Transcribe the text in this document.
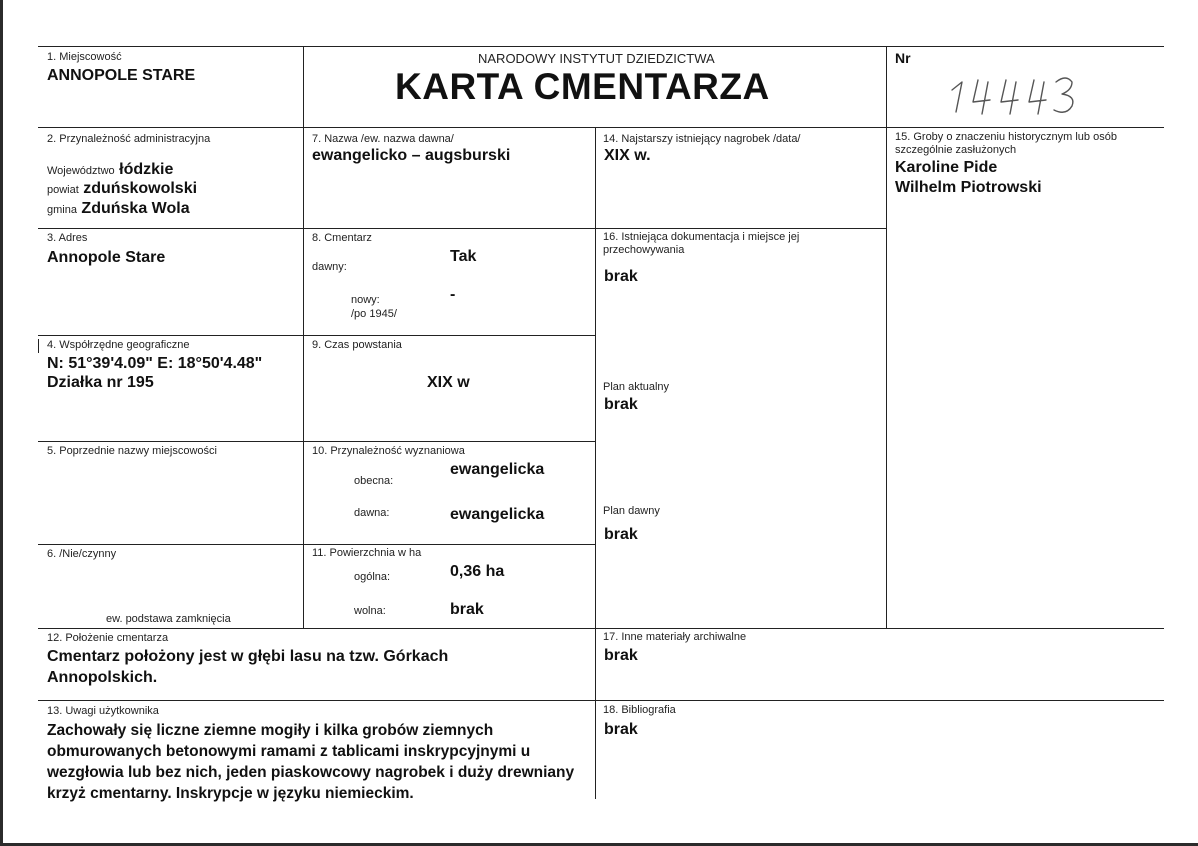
1. Miejscowość
ANNOPOLE STARE
NARODOWY INSTYTUT DZIEDZICTWA
KARTA CMENTARZA
Nr
2. Przynależność administracyjna
Województwo łódzkie
powiat zduńskowolski
gmina Zduńska Wola
3. Adres
Annopole Stare
4. Współrzędne geograficzne
N: 51°39'4.09" E: 18°50'4.48"
Działka nr 195
5. Poprzednie nazwy miejscowości
6. /Nie/czynny
ew. podstawa zamknięcia
7. Nazwa /ew. nazwa dawna/
ewangelicko – augsburski
8. Cmentarz
dawny:
Tak
nowy:
/po 1945/
-
9. Czas powstania
XIX w
10. Przynależność wyznaniowa
obecna:
ewangelicka
dawna:	ewangelicka
11. Powierzchnia w ha
ogólna:	0,36 ha
wolna:	brak
12. Położenie cmentarza
Cmentarz położony jest w głębi lasu na tzw. Górkach Annopolskich.
13. Uwagi użytkownika
Zachowały się liczne ziemne mogiły i kilka grobów ziemnych obmurowanych betonowymi ramami z tablicami inskrypcyjnymi u wezgłowia lub bez nich, jeden piaskowcowy nagrobek i duży drewniany krzyż cmentarny. Inskrypcje w języku niemieckim.
14. Najstarszy istniejący nagrobek /data/
XIX w.
15. Groby o znaczeniu historycznym lub osób szczególnie zasłużonych
Karoline Pide
Wilhelm Piotrowski
16. Istniejąca dokumentacja i miejsce jej przechowywania
brak
Plan aktualny
brak
Plan dawny
brak
17. Inne materiały archiwalne
brak
18. Bibliografia
brak
